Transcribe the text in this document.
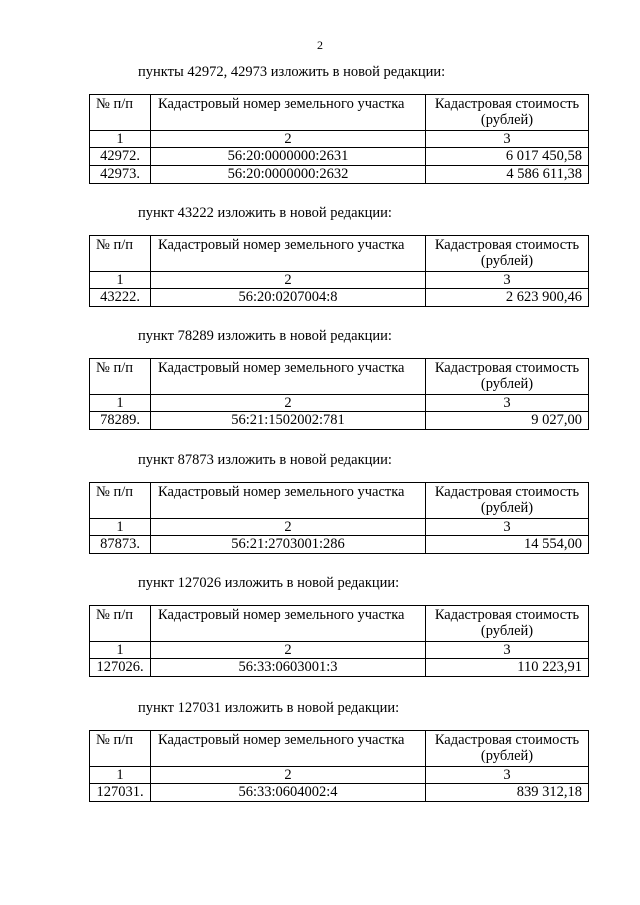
2
пункты 42972, 42973 изложить в новой редакции:
№ п/п	Кадастровый номер земельного участка	Кадастровая стоимость
(рублей)
1	2	3
42972.	56:20:0000000:2631	6 017 450,58
42973.	56:20:0000000:2632	4 586 611,38
пункт 43222 изложить в новой редакции:
№ п/п	Кадастровый номер земельного участка	Кадастровая стоимость
(рублей)
1	2	3
43222.	56:20:0207004:8	2 623 900,46
пункт 78289 изложить в новой редакции:
№ п/п	Кадастровый номер земельного участка	Кадастровая стоимость
(рублей)
1	2	3
78289.	56:21:1502002:781	9 027,00
пункт 87873 изложить в новой редакции:
№ п/п	Кадастровый номер земельного участка	Кадастровая стоимость
(рублей)
1	2	3
87873.	56:21:2703001:286	14 554,00
пункт 127026 изложить в новой редакции:
№ п/п	Кадастровый номер земельного участка	Кадастровая стоимость
(рублей)
1	2	3
127026.	56:33:0603001:3	110 223,91
пункт 127031 изложить в новой редакции:
№ п/п	Кадастровый номер земельного участка	Кадастровая стоимость
(рублей)
1	2	3
127031.	56:33:0604002:4	839 312,18
